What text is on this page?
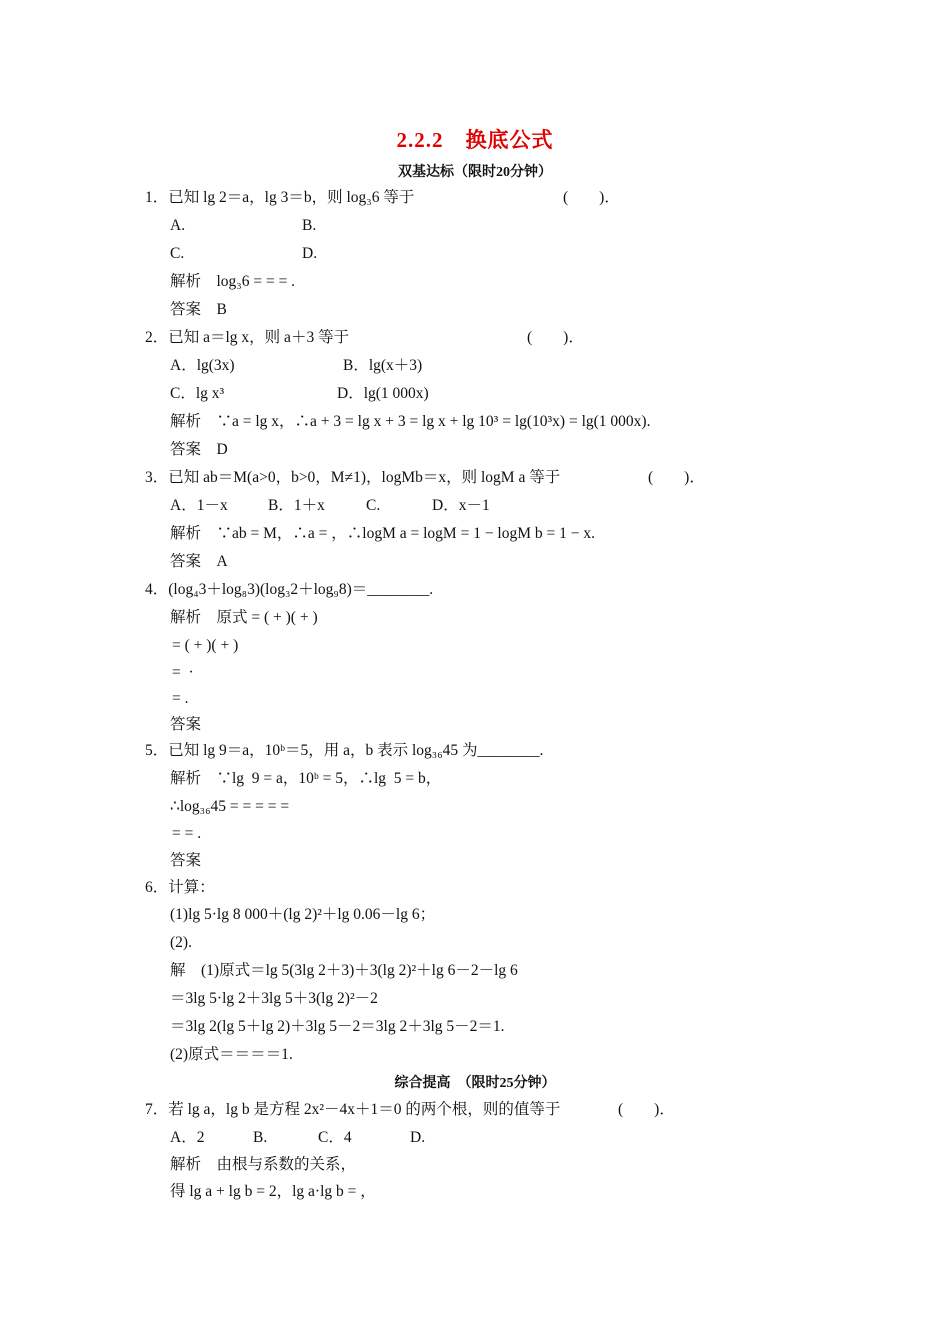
2.2.2　换底公式
双基达标（限时20分钟）
1．已知 lg 2＝a，lg 3＝b，则 log₃6 等于	(　　)．
A.	B.
C.	D.
解析　log₃6 = = = .
答案　B
2．已知 a＝lg x，则 a＋3 等于	(　　)．
A．lg(3x)	B．lg(x＋3)
C．lg x³	D．lg(1 000x)
解析　∵a = lg x，∴a + 3 = lg x + 3 = lg x + lg 10³ = lg(10³x) = lg(1 000x).
答案　D
3．已知 ab＝M(a>0，b>0，M≠1)，logMb＝x，则 logM a 等于	(　　)．
A．1－x	B．1＋x	C.	D．x－1
解析　∵ab = M，∴a = ，∴logM a = logM = 1 − logM b = 1 − x.
答案　A
4．(log₄3＋log₈3)(log₃2＋log₉8)＝________.
解析　原式 = ( + )( + )
= ( + )( + )
=  ·
= .
答案
5．已知 lg 9＝a，10ᵇ＝5，用 a，b 表示 log₃₆45 为________.
解析　∵lg  9 = a，10ᵇ = 5，∴lg  5 = b，
∴log₃₆45 = = = = =
= = .
答案
6．计算：
(1)lg 5·lg 8 000＋(lg 2)²＋lg 0.06－lg 6；
(2).
解　(1)原式＝lg 5(3lg 2＋3)＋3(lg 2)²＋lg 6－2－lg 6
＝3lg 5·lg 2＋3lg 5＋3(lg 2)²－2
＝3lg 2(lg 5＋lg 2)＋3lg 5－2＝3lg 2＋3lg 5－2＝1.
(2)原式＝＝＝＝1.
综合提高　（限时25分钟）
7．若 lg a，lg b 是方程 2x²－4x＋1＝0 的两个根，则的值等于	(　　)．
A．2	B.	C．4	D.
解析　由根与系数的关系，
得 lg a + lg b = 2，lg a·lg b = ，
